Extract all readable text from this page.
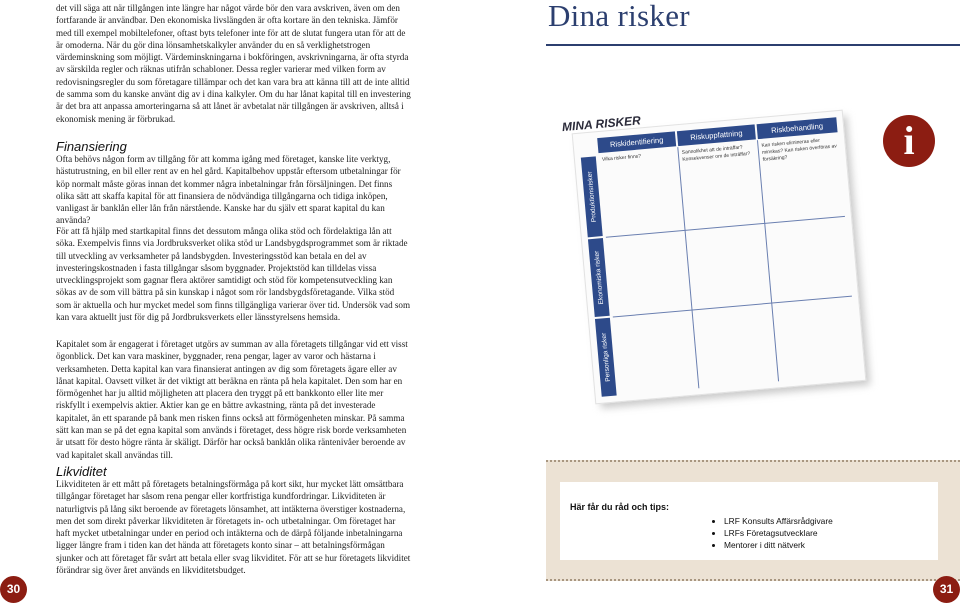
det vill säga att när tillgången inte längre har något värde bör den vara avskriven, även om den fortfarande är användbar. Den ekonomiska livslängden är ofta kortare än den tekniska. Jämför med till exempel mobiltelefoner, oftast byts telefoner inte för att de slutat fungera utan för att de är omoderna. När du gör dina lönsamhetskalkyler använder du en så verklighetstrogen värdeminskning som möjligt. Värdeminskningarna i bokföringen, avskrivningarna, är ofta styrda av särskilda regler och räknas utifrån schabloner. Dessa regler varierar med vilken form av redovisningsregler du som företagare tillämpar och det kan vara bra att känna till att de inte alltid de samma som du kanske använt dig av i dina kalkyler. Om du har lånat kapital till en investering är det bra att anpassa amorteringarna så att lånet är avbetalat när tillgången är avskriven, alltså i ekonomisk mening är förbrukad.

Finansiering

Ofta behövs någon form av tillgång för att komma igång med företaget, kanske lite verktyg, hästutrustning, en bil eller rent av en hel gård. Kapitalbehov uppstår eftersom utbetalningar för köp normalt måste göras innan det kommer några inbetalningar från försäljningen. Det finns olika sätt att skaffa kapital för att finansiera de nödvändiga tillgångarna och tidiga inköpen, vanligast är banklån eller lån från närstående. Kanske har du själv ett sparat kapital du kan använda?

För att få hjälp med startkapital finns det dessutom många olika stöd och fördelaktiga lån att söka. Exempelvis finns via Jordbruksverket olika stöd ur Landsbygdsprogrammet som är riktade till utveckling av verksamheter på landsbygden. Investeringsstöd kan betala en del av investeringskostnaden i fasta tillgångar såsom byggnader. Projektstöd kan tilldelas vissa utvecklingsprojekt som gagnar flera aktörer samtidigt och stöd för kompetensutveckling kan sökas av de som vill bättra på sin kunskap i något som rör landsbygdsföretagande. Vilka stöd som är aktuella och hur mycket medel som finns tillgängliga varierar över tid. Undersök vad som kan vara aktuellt just för dig på Jordbruksverkets eller länsstyrelsens hemsida.

Kapitalet som är engagerat i företaget utgörs av summan av alla företagets tillgångar vid ett visst ögonblick. Det kan vara maskiner, byggnader, rena pengar, lager av varor och hästarna i verksamheten. Detta kapital kan vara finansierat antingen av dig som företagets ägare eller av lånat kapital. Oavsett vilket är det viktigt att beräkna en ränta på hela kapitalet. Den som har en förmögenhet har ju alltid möjligheten att placera den tryggt på ett bankkonto eller lite mer riskfyllt i exempelvis aktier. Aktier kan ge en bättre avkastning, ränta på det investerade kapitalet, än ett sparande på bank men risken finns också att förmögenheten minskar. På samma sätt kan man se på det egna kapital som används i företaget, dess högre risk borde verksamheten är utsatt för desto högre ränta är skäligt. Därför har också banklån olika räntenivåer beroende av vad kapitalet skall användas till.

Likviditet

Likviditeten är ett mått på företagets betalningsförmåga på kort sikt, hur mycket lätt omsättbara tillgångar företaget har såsom rena pengar eller kortfristiga kundfordringar. Likviditeten är naturligtvis på lång sikt beroende av företagets lönsamhet, att intäkterna överstiger kostnaderna, men det som direkt påverkar likviditeten är företagets in- och utbetalningar. Om företaget har haft mycket utbetalningar under en period och intäkterna och de därpå följande inbetalningarna ligger längre fram i tiden kan det hända att företagets konto sinar – att betalningsförmågan sjunker och att företaget får svårt att betala eller svag likviditet. För att se hur företagets likviditet förändrar sig över året används en likviditetsbudget.

Dina risker
MINA RISKER
Riskidentifiering
Riskuppfattning
Riskbehandling
Produktionsrisker
Ekonomiska risker
Personliga risker
Vilka risker finns?
Sannolikhet att de inträffar? Konsekvenser om de inträffar?
Kan risken elimineras eller minskas? Kan risken överföras av försäkring?	i
Här får du råd och tips:
• LRF Konsults Affärsrådgivare
• LRFs Företagsutvecklare
• Mentorer i ditt nätverk
30	31
